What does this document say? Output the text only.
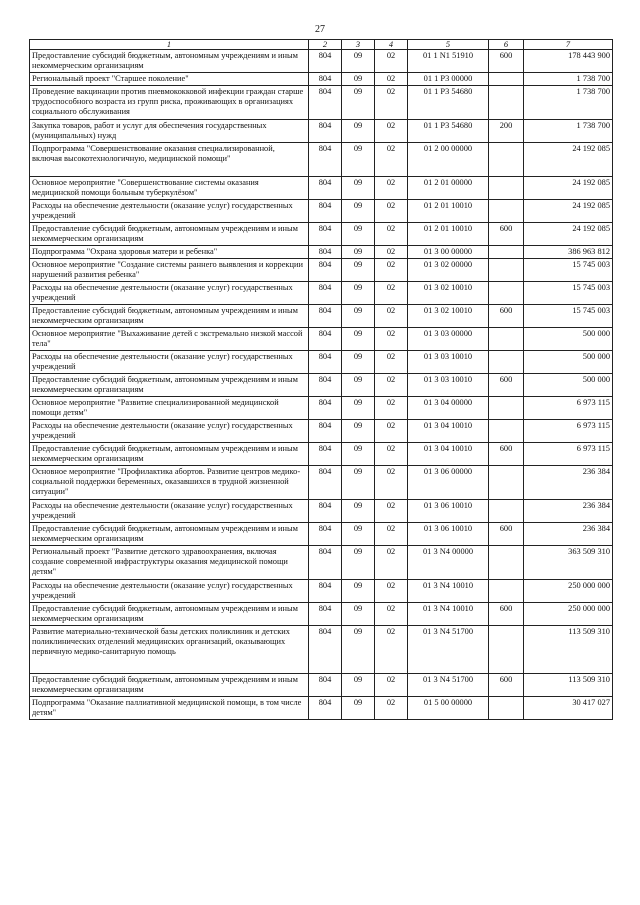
27
1	2	3	4	5	6	7
Предоставление субсидий бюджетным, автономным учреждениям и иным некоммерческим организациям	804	09	02	01 1 N1 51910	600	178 443 900
Региональный проект "Старшее поколение"	804	09	02	01 1 P3 00000		1 738 700
Проведение вакцинации против пневмококковой инфекции граждан старше трудоспособного возраста из групп риска, проживающих в организациях социального обслуживания	804	09	02	01 1 P3 54680		1 738 700
Закупка товаров, работ и услуг для обеспечения государственных (муниципальных) нужд	804	09	02	01 1 P3 54680	200	1 738 700
Подпрограмма "Совершенствование оказания специализированной, включая высокотехнологичную, медицинской помощи"	804	09	02	01 2 00 00000		24 192 085
Основное мероприятие "Совершенствование системы оказания медицинской помощи больным туберкулёзом"	804	09	02	01 2 01 00000		24 192 085
Расходы на обеспечение деятельности (оказание услуг) государственных учреждений	804	09	02	01 2 01 10010		24 192 085
Предоставление субсидий бюджетным, автономным учреждениям и иным некоммерческим организациям	804	09	02	01 2 01 10010	600	24 192 085
Подпрограмма "Охрана здоровья матери и ребенка"	804	09	02	01 3 00 00000		386 963 812
Основное мероприятие "Создание системы раннего выявления и коррекции нарушений развития ребенка"	804	09	02	01 3 02 00000		15 745 003
Расходы на обеспечение деятельности (оказание услуг) государственных учреждений	804	09	02	01 3 02 10010		15 745 003
Предоставление субсидий бюджетным, автономным учреждениям и иным некоммерческим организациям	804	09	02	01 3 02 10010	600	15 745 003
Основное мероприятие "Выхаживание детей с экстремально низкой массой тела"	804	09	02	01 3 03 00000		500 000
Расходы на обеспечение деятельности (оказание услуг) государственных учреждений	804	09	02	01 3 03 10010		500 000
Предоставление субсидий бюджетным, автономным учреждениям и иным некоммерческим организациям	804	09	02	01 3 03 10010	600	500 000
Основное мероприятие "Развитие специализированной медицинской помощи детям"	804	09	02	01 3 04 00000		6 973 115
Расходы на обеспечение деятельности (оказание услуг) государственных учреждений	804	09	02	01 3 04 10010		6 973 115
Предоставление субсидий бюджетным, автономным учреждениям и иным некоммерческим организациям	804	09	02	01 3 04 10010	600	6 973 115
Основное мероприятие "Профилактика абортов. Развитие центров медико-социальной поддержки беременных, оказавшихся в трудной жизненной ситуации"	804	09	02	01 3 06 00000		236 384
Расходы на обеспечение деятельности (оказание услуг) государственных учреждений	804	09	02	01 3 06 10010		236 384
Предоставление субсидий бюджетным, автономным учреждениям и иным некоммерческим организациям	804	09	02	01 3 06 10010	600	236 384
Региональный проект "Развитие детского здравоохранения, включая создание современной инфраструктуры оказания медицинской помощи детям"	804	09	02	01 3 N4 00000		363 509 310
Расходы на обеспечение деятельности (оказание услуг) государственных учреждений	804	09	02	01 3 N4 10010		250 000 000
Предоставление субсидий бюджетным, автономным учреждениям и иным некоммерческим организациям	804	09	02	01 3 N4 10010	600	250 000 000
Развитие материально-технической базы детских поликлиник и детских поликлинических отделений медицинских организаций, оказывающих первичную медико-санитарную помощь	804	09	02	01 3 N4 51700		113 509 310
Предоставление субсидий бюджетным, автономным учреждениям и иным некоммерческим организациям	804	09	02	01 3 N4 51700	600	113 509 310
Подпрограмма "Оказание паллиативной медицинской помощи, в том числе детям"	804	09	02	01 5 00 00000		30 417 027
